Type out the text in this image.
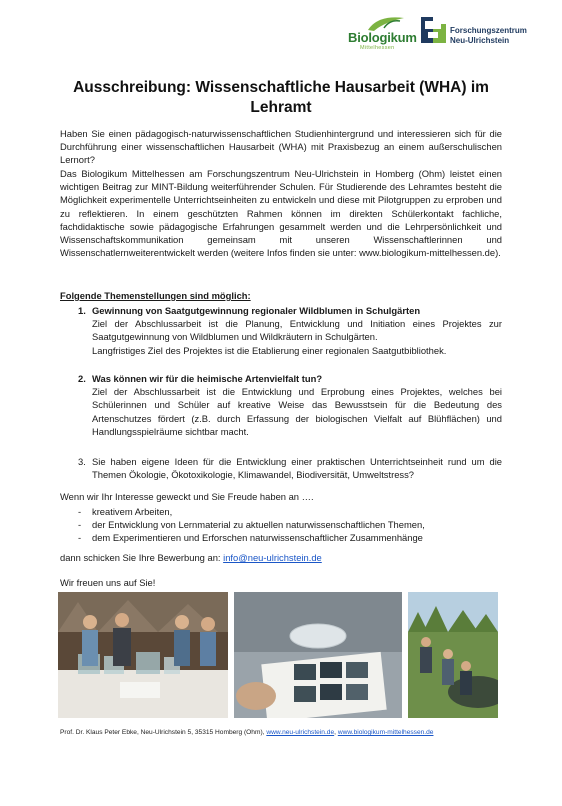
Biologikum
Mittelhessen
Forschungszentrum
Neu-Ulrichstein
Ausschreibung: Wissenschaftliche Hausarbeit (WHA) im
Lehramt
Haben Sie einen pädagogisch-naturwissenschaftlichen Studienhintergrund und interessieren sich für die Durchführung einer wissenschaftlichen Hausarbeit (WHA) mit Praxisbezug an einem außerschulischen Lernort?
Das Biologikum Mittelhessen am Forschungszentrum Neu-Ulrichstein in Homberg (Ohm) leistet einen wichtigen Beitrag zur MINT-Bildung weiterführender Schulen. Für Studierende des Lehramtes besteht die Möglichkeit experimentelle Unterrichtseinheiten zu entwickeln und diese mit Pilotgruppen zu erproben und zu reflektieren. In einem geschützten Rahmen können im direkten Schülerkontakt fachliche, fachdidaktische sowie pädagogische Erfahrungen gesammelt werden und die Lehrpersönlichkeit und Wissenschaftskommunikation gemeinsam mit unseren Wissenschaftlerinnen und Wissenschatlernweiterentwickelt werden (weitere Infos finden sie unter: www.biologikum-mittelhessen.de).
Folgende Themenstellungen sind möglich:
1. Gewinnung von Saatgutgewinnung regionaler Wildblumen in Schulgärten
Ziel der Abschlussarbeit ist die Planung, Entwicklung und Initiation eines Projektes zur Saatgutgewinnung von Wildblumen und Wildkräutern in Schulgärten.
Langfristiges Ziel des Projektes ist die Etablierung einer regionalen Saatgutbibliothek.
2. Was können wir für die heimische Artenvielfalt tun?
Ziel der Abschlussarbeit ist die Entwicklung und Erprobung eines Projektes, welches bei Schülerinnen und Schüler auf kreative Weise das Bewusstsein für die Bedeutung des Artenschutzes fördert (z.B. durch Erfassung der biologischen Vielfalt auf Blühflächen) und Handlungsspielräume sichtbar macht.
3. Sie haben eigene Ideen für die Entwicklung einer praktischen Unterrichtseinheit rund um die Themen Ökologie, Ökotoxikologie, Klimawandel, Biodiversität, Umweltstress?
Wenn wir Ihr Interesse geweckt und Sie Freude haben an ….
- kreativem Arbeiten,
- der Entwicklung von Lernmaterial zu aktuellen naturwissenschaftlichen Themen,
- dem Experimentieren und Erforschen naturwissenschaftlicher Zusammenhänge
dann schicken Sie Ihre Bewerbung an: info@neu-ulrichstein.de
Wir freuen uns auf Sie!
Prof. Dr. Klaus Peter Ebke, Neu-Ulrichstein 5, 35315 Homberg (Ohm), www.neu-ulrichstein.de, www.biologikum-mittelhessen.de
